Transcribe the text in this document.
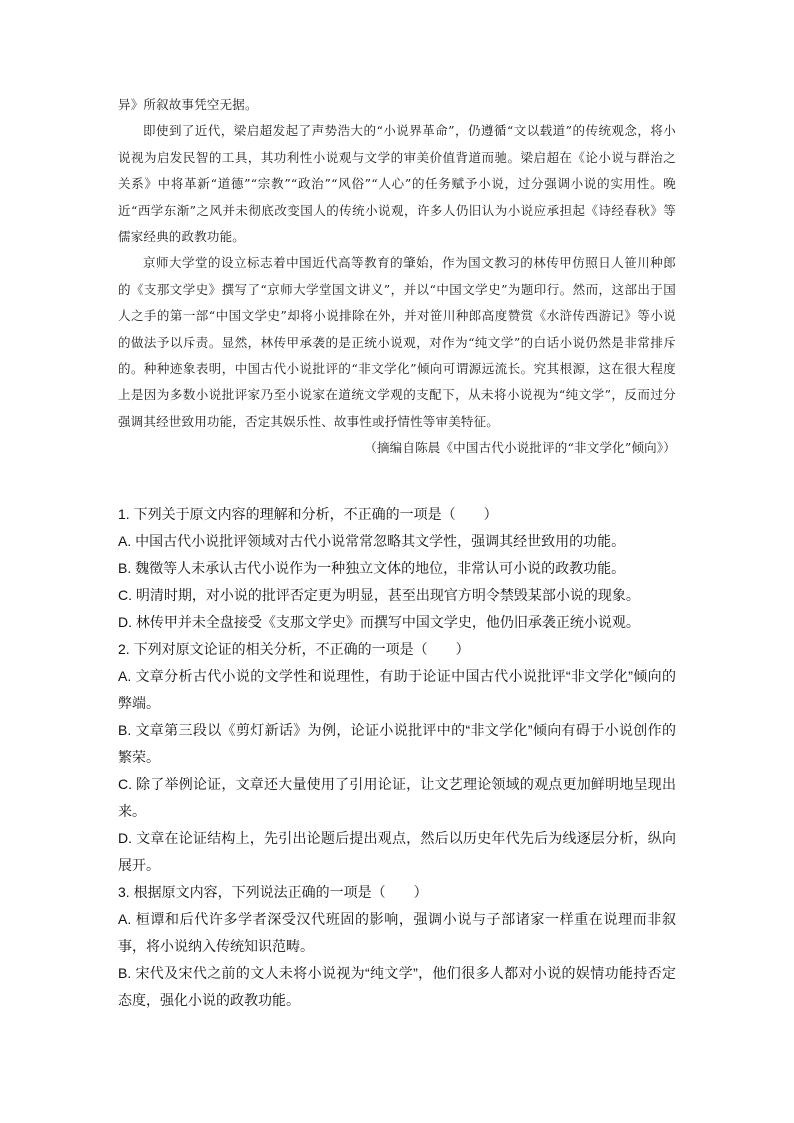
异》所叙故事凭空无据。

即使到了近代，梁启超发起了声势浩大的“小说界革命”，仍遵循“文以载道”的传统观念，将小说视为启发民智的工具，其功利性小说观与文学的审美价值背道而驰。梁启超在《论小说与群治之关系》中将革新“道德”“宗教”“政治”“风俗”“人心”的任务赋予小说，过分强调小说的实用性。晚近“西学东渐”之风并未彻底改变国人的传统小说观，许多人仍旧认为小说应承担起《诗经春秋》等儒家经典的政教功能。

京师大学堂的设立标志着中国近代高等教育的肇始，作为国文教习的林传甲仿照日人笹川种郎的《支那文学史》撰写了“京师大学堂国文讲义”，并以“中国文学史”为题印行。然而，这部出于国人之手的第一部“中国文学史”却将小说排除在外，并对笹川种郎高度赞赏《水浒传西游记》等小说的做法予以斥责。显然，林传甲承袭的是正统小说观，对作为“纯文学”的白话小说仍然是非常排斥的。种种迹象表明，中国古代小说批评的“非文学化”倾向可谓源远流长。究其根源，这在很大程度上是因为多数小说批评家乃至小说家在道统文学观的支配下，从未将小说视为“纯文学”，反而过分强调其经世致用功能，否定其娱乐性、故事性或抒情性等审美特征。

（摘编自陈晨《中国古代小说批评的“非文学化”倾向》）

1. 下列关于原文内容的理解和分析，不正确的一项是（　　）

A. 中国古代小说批评领域对古代小说常常忽略其文学性，强调其经世致用的功能。

B. 魏徵等人未承认古代小说作为一种独立文体的地位，非常认可小说的政教功能。

C. 明清时期，对小说的批评否定更为明显，甚至出现官方明令禁毁某部小说的现象。

D. 林传甲并未全盘接受《支那文学史》而撰写中国文学史，他仍旧承袭正统小说观。

2. 下列对原文论证的相关分析，不正确的一项是（　　）

A. 文章分析古代小说的文学性和说理性，有助于论证中国古代小说批评“非文学化”倾向的弊端。

B. 文章第三段以《剪灯新话》为例，论证小说批评中的“非文学化”倾向有碍于小说创作的繁荣。

C. 除了举例论证，文章还大量使用了引用论证，让文艺理论领域的观点更加鲜明地呈现出来。

D. 文章在论证结构上，先引出论题后提出观点，然后以历史年代先后为线逐层分析，纵向展开。

3. 根据原文内容，下列说法正确的一项是（　　）

A. 桓谭和后代许多学者深受汉代班固的影响，强调小说与子部诸家一样重在说理而非叙事，将小说纳入传统知识范畴。

B. 宋代及宋代之前的文人未将小说视为“纯文学”，他们很多人都对小说的娱情功能持否定态度，强化小说的政教功能。
